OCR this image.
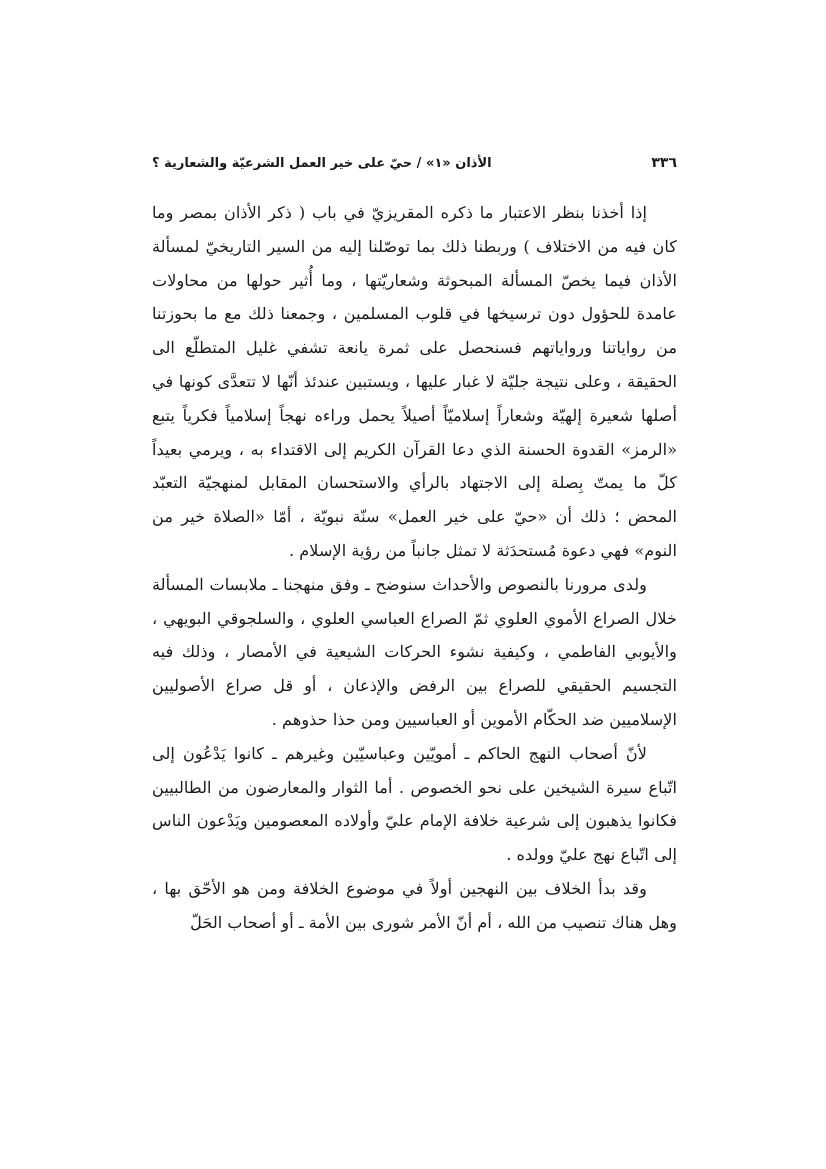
٣٣٦
الأذان «١» / حيّ على خير العمل الشرعيّة والشعارية ؟

إذا أخذنا بنظر الاعتبار ما ذكره المقريزيّ في باب ( ذكر الأذان بمصر وما كان فيه من الاختلاف ) وربطنا ذلك بما توصّلنا إليه من السير التاريخيّ لمسألة الأذان فيما يخصّ المسألة المبحوثة وشعاريّتها ، وما أُثير حولها من محاولات عامدة للحؤول دون ترسيخها في قلوب المسلمين ، وجمعنا ذلك مع ما بحوزتنا من رواياتنا ورواياتهم فسنحصل على ثمرة يانعة تشفي غليل المتطلّع الى الحقيقة ، وعلى نتيجة جليّة لا غبار عليها ، ويستبين عندئذ أنّها لا تتعدَّى كونها في أصلها شعيرة إلهيّة وشعاراً إسلاميّاً أصيلاً يحمل وراءه نهجاً إسلامياً فكرياً يتبع «الرمز» القدوة الحسنة الذي دعا القرآن الكريم إلى الاقتداء به ، ويرمي بعيداً كلّ ما يمتّ بِصلة إلى الاجتهاد بالرأي والاستحسان المقابل لمنهجيّة التعبّد المحض ؛ ذلك أن «حيّ على خير العمل» سنّة نبويّة ، أمّا «الصلاة خير من النوم» فهي دعوة مُستحدَثة لا تمثل جانباً من رؤية الإسلام .

ولدى مرورنا بالنصوص والأحداث سنوضح ـ وفق منهجنا ـ ملابسات المسألة خلال الصراع الأموي العلوي ثمّ الصراع العباسي العلوي ، والسلجوقي البويهي ، والأيوبي الفاطمي ، وكيفية نشوء الحركات الشيعية في الأمصار ، وذلك فيه التجسيم الحقيقي للصراع بين الرفض والإذعان ، أو قل صراع الأصوليين الإسلاميين ضد الحكّام الأموين أو العباسيين ومن حذا حذوهم .

لأنّ أصحاب النهج الحاكم ـ أمويّين وعباسيّين وغيرهم ـ كانوا يَدْعُون إلى اتّباع سيرة الشيخين على نحو الخصوص . أما الثوار والمعارضون من الطالبيين فكانوا يذهبون إلى شرعية خلافة الإمام عليّ وأولاده المعصومين ويَدْعون الناس إلى اتّباع نهج عليّ وولده .

وقد بدأ الخلاف بين النهجين أولاً في موضوع الخلافة ومن هو الأحّق بها ، وهل هناك تنصيب من الله ، أم أنّ الأمر شورى بين الأمة ـ أو أصحاب الحَلّ
